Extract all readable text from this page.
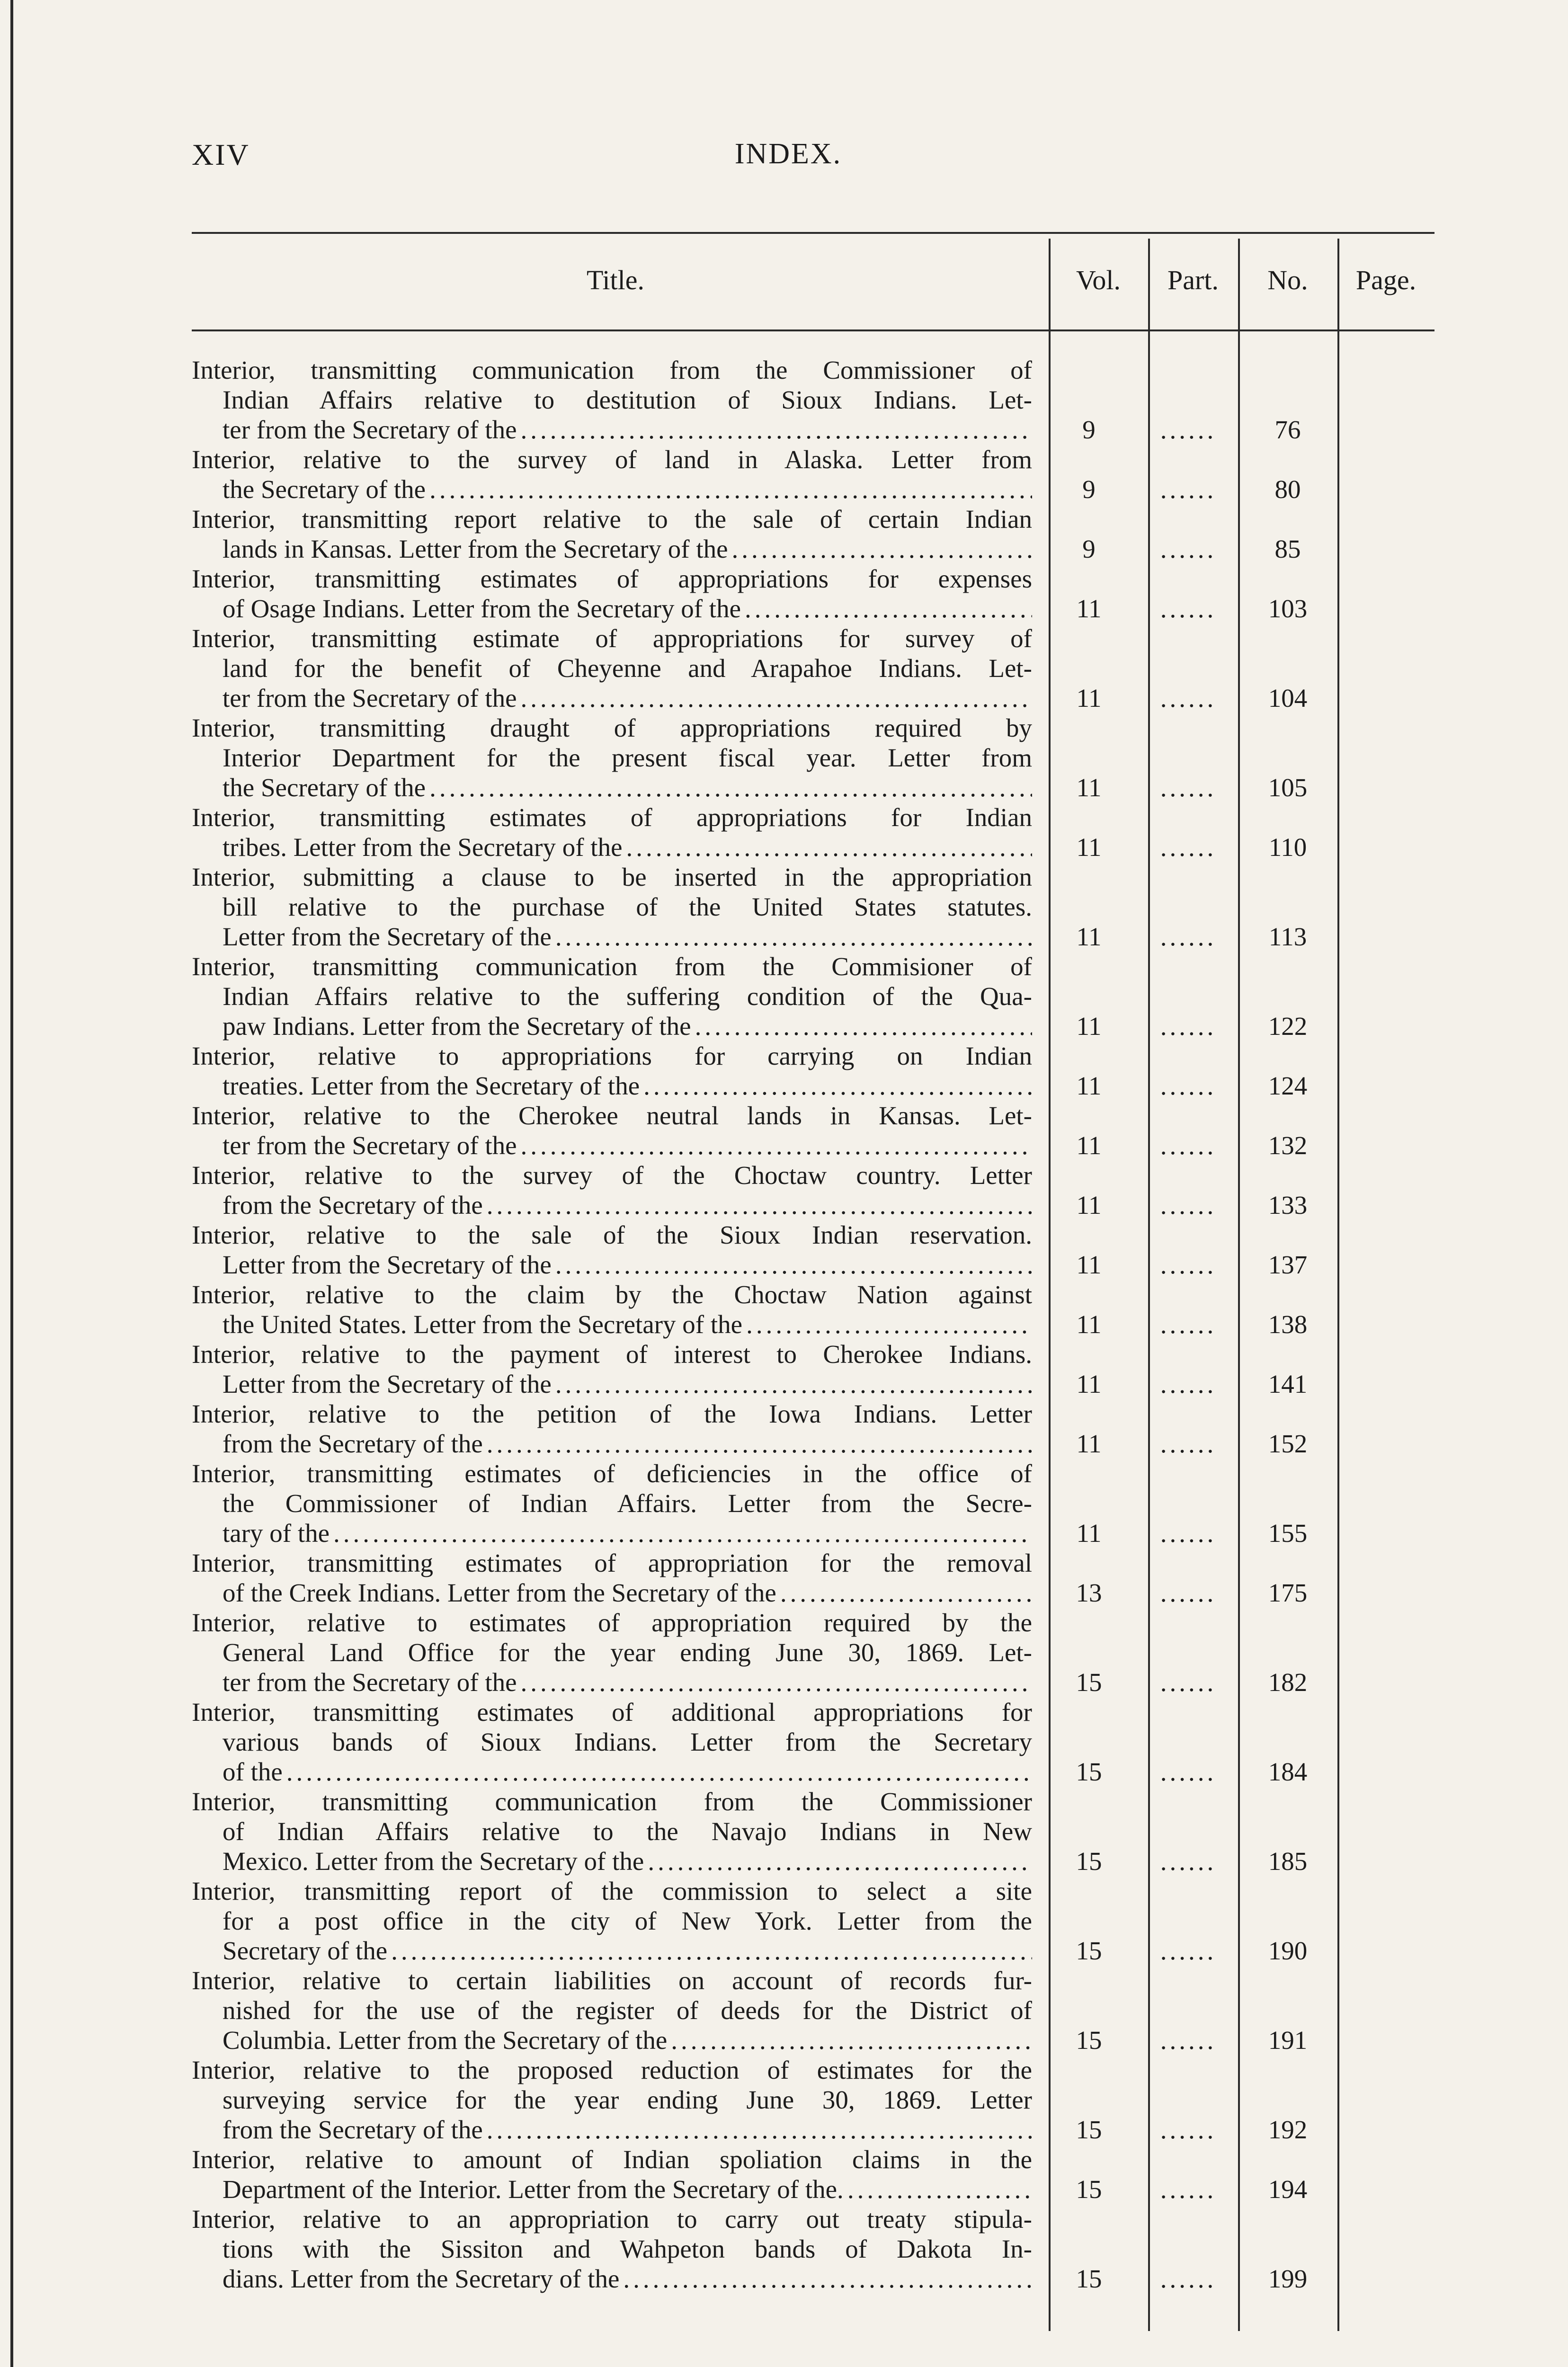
XIV	INDEX.
Title.	Vol.	Part.	No.	Page.
Interior, transmitting communication from the Commissioner of
Indian Affairs relative to destitution of Sioux Indians. Let-
ter from the Secretary of the .....	9	......	76
Interior, relative to the survey of land in Alaska. Letter from
the Secretary of the .....	9	......	80
Interior, transmitting report relative to the sale of certain Indian
lands in Kansas. Letter from the Secretary of the .....	9	......	85
Interior, transmitting estimates of appropriations for expenses
of Osage Indians. Letter from the Secretary of the .....	11	......	103
Interior, transmitting estimate of appropriations for survey of
land for the benefit of Cheyenne and Arapahoe Indians. Let-
ter from the Secretary of the .....	11	......	104
Interior, transmitting draught of appropriations required by
Interior Department for the present fiscal year. Letter from
the Secretary of the .....	11	......	105
Interior, transmitting estimates of appropriations for Indian
tribes. Letter from the Secretary of the .....	11	......	110
Interior, submitting a clause to be inserted in the appropriation
bill relative to the purchase of the United States statutes.
Letter from the Secretary of the .....	11	......	113
Interior, transmitting communication from the Commisioner of
Indian Affairs relative to the suffering condition of the Qua-
paw Indians. Letter from the Secretary of the .....	11	......	122
Interior, relative to appropriations for carrying on Indian
treaties. Letter from the Secretary of the .....	11	......	124
Interior, relative to the Cherokee neutral lands in Kansas. Let-
ter from the Secretary of the .....	11	......	132
Interior, relative to the survey of the Choctaw country. Letter
from the Secretary of the .....	11	......	133
Interior, relative to the sale of the Sioux Indian reservation.
Letter from the Secretary of the .....	11	......	137
Interior, relative to the claim by the Choctaw Nation against
the United States. Letter from the Secretary of the .....	11	......	138
Interior, relative to the payment of interest to Cherokee Indians.
Letter from the Secretary of the .....	11	......	141
Interior, relative to the petition of the Iowa Indians. Letter
from the Secretary of the .....	11	......	152
Interior, transmitting estimates of deficiencies in the office of
the Commissioner of Indian Affairs. Letter from the Secre-
tary of the .....	11	......	155
Interior, transmitting estimates of appropriation for the removal
of the Creek Indians. Letter from the Secretary of the .....	13	......	175
Interior, relative to estimates of appropriation required by the
General Land Office for the year ending June 30, 1869. Let-
ter from the Secretary of the .....	15	......	182
Interior, transmitting estimates of additional appropriations for
various bands of Sioux Indians. Letter from the Secretary
of the .....	15	......	184
Interior, transmitting communication from the Commissioner
of Indian Affairs relative to the Navajo Indians in New
Mexico. Letter from the Secretary of the .....	15	......	185
Interior, transmitting report of the commission to select a site
for a post office in the city of New York. Letter from the
Secretary of the .....	15	......	190
Interior, relative to certain liabilities on account of records fur-
nished for the use of the register of deeds for the District of
Columbia. Letter from the Secretary of the .....	15	......	191
Interior, relative to the proposed reduction of estimates for the
surveying service for the year ending June 30, 1869. Letter
from the Secretary of the .....	15	......	192
Interior, relative to amount of Indian spoliation claims in the
Department of the Interior. Letter from the Secretary of the. .....	15	......	194
Interior, relative to an appropriation to carry out treaty stipula-
tions with the Sissiton and Wahpeton bands of Dakota In-
dians. Letter from the Secretary of the .....	15	......	199
